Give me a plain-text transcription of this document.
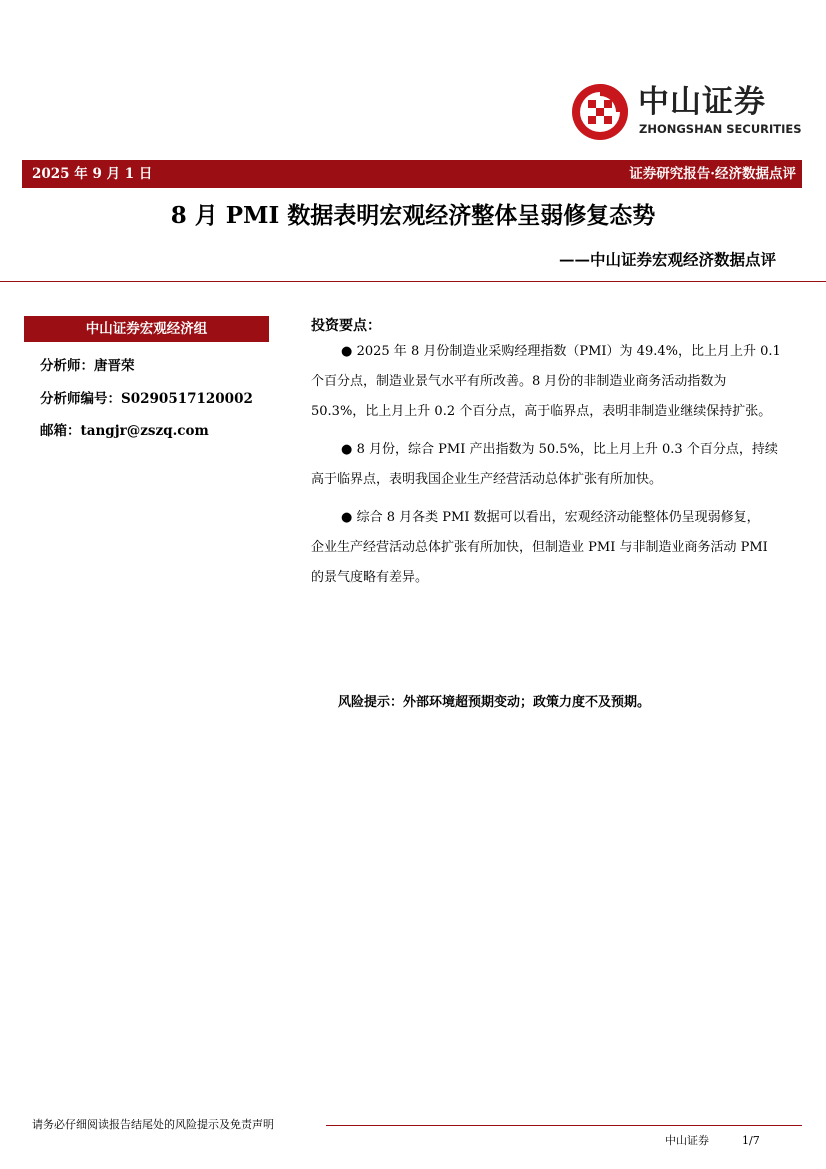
中山证券
ZHONGSHAN SECURITIES
2025 年 9 月 1 日	证券研究报告·经济数据点评
8 月 PMI 数据表明宏观经济整体呈弱修复态势
——中山证券宏观经济数据点评
中山证券宏观经济组
分析师：唐晋荣
分析师编号：S0290517120002
邮箱：tangjr@zszq.com
投资要点：
● 2025 年 8 月份制造业采购经理指数（PMI）为 49.4%，比上月上升 0.1
个百分点，制造业景气水平有所改善。8 月份的非制造业商务活动指数为
50.3%，比上月上升 0.2 个百分点，高于临界点，表明非制造业继续保持扩张。
● 8 月份，综合 PMI 产出指数为 50.5%，比上月上升 0.3 个百分点，持续
高于临界点，表明我国企业生产经营活动总体扩张有所加快。
● 综合 8 月各类 PMI 数据可以看出，宏观经济动能整体仍呈现弱修复，
企业生产经营活动总体扩张有所加快，但制造业 PMI 与非制造业商务活动 PMI
的景气度略有差异。
风险提示：外部环境超预期变动；政策力度不及预期。
请务必仔细阅读报告结尾处的风险提示及免责声明
中山证券	1/7
